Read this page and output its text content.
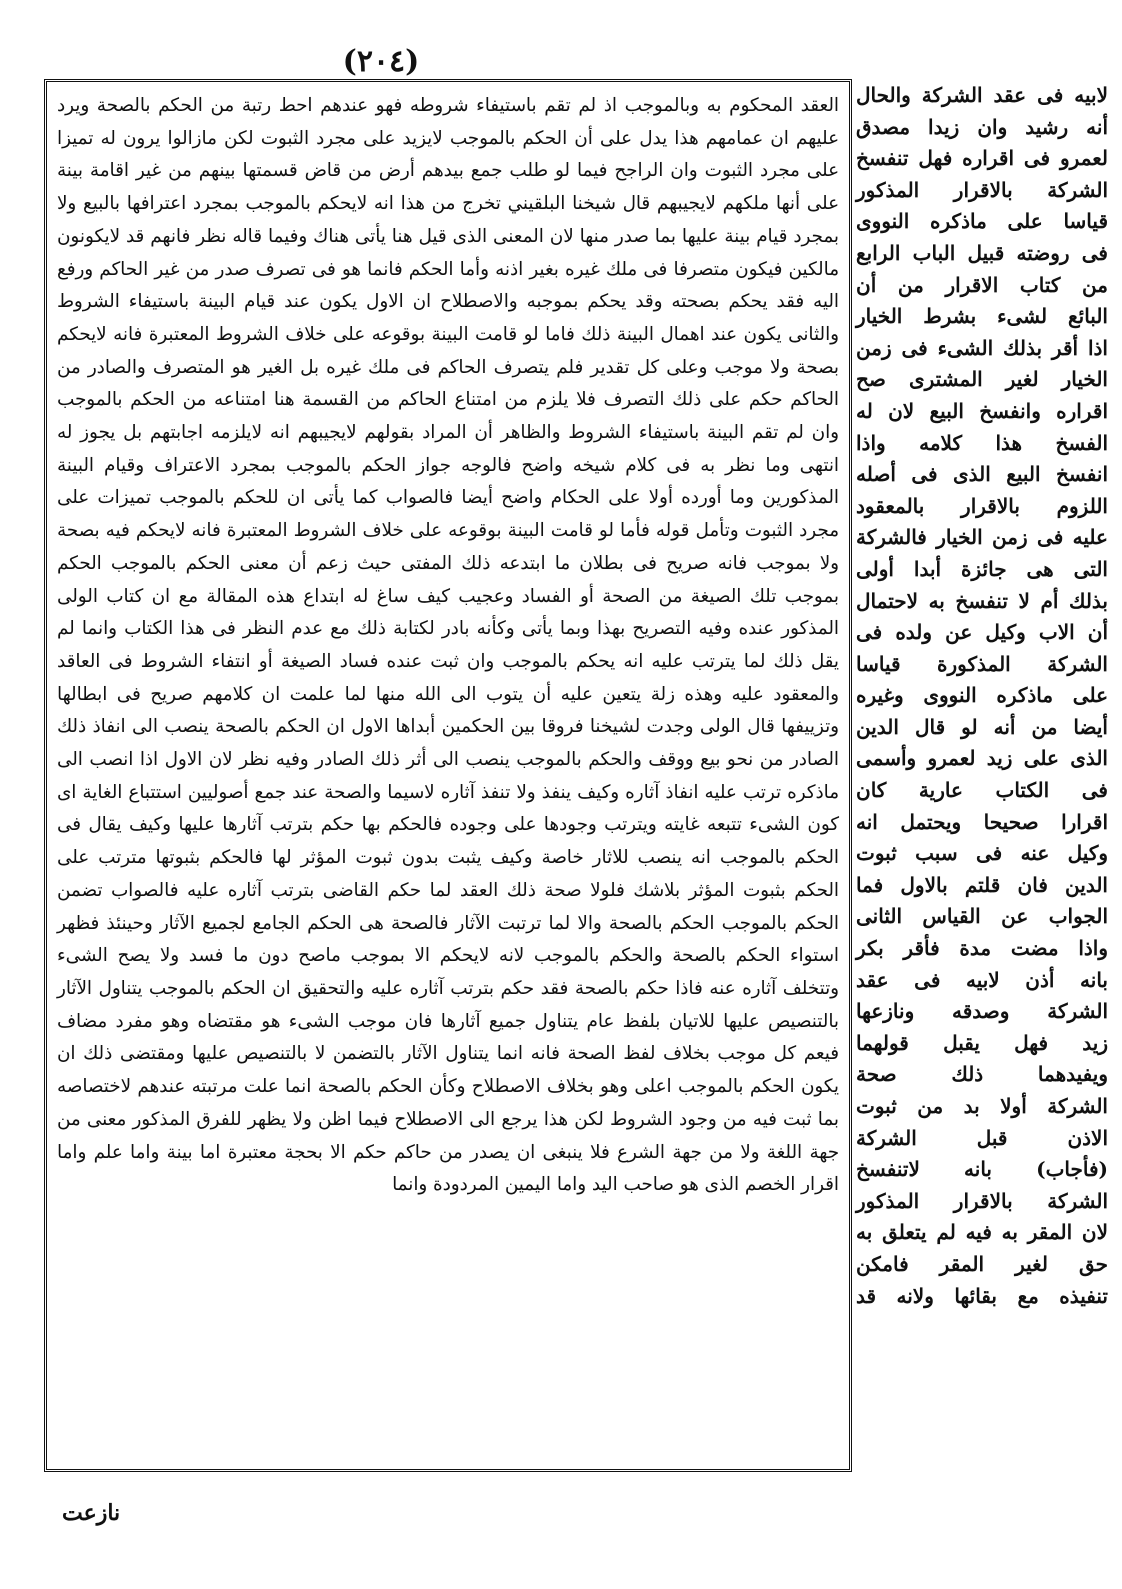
(٢٠٤)

العقد المحكوم به وبالموجب اذ لم تقم باستيفاء شروطه فهو عندهم احط رتبة من الحكم بالصحة ويرد عليهم ان عمامهم هذا يدل على أن الحكم بالموجب لايزيد على مجرد الثبوت لكن مازالوا يرون له تميزا على مجرد الثبوت وان الراجح فيما لو طلب جمع بيدهم أرض من قاض قسمتها بينهم من غير اقامة بينة على أنها ملكهم لايجيبهم قال شيخنا البلقيني تخرج من هذا انه لايحكم بالموجب بمجرد اعترافها بالبيع ولا بمجرد قيام بينة عليها بما صدر منها لان المعنى الذى قيل هنا يأتى هناك وفيما قاله نظر فانهم قد لايكونون مالكين فيكون متصرفا فى ملك غيره بغير اذنه وأما الحكم فانما هو فى تصرف صدر من غير الحاكم ورفع اليه فقد يحكم بصحته وقد يحكم بموجبه والاصطلاح ان الاول يكون عند قيام البينة باستيفاء الشروط والثانى يكون عند اهمال البينة ذلك فاما لو قامت البينة بوقوعه على خلاف الشروط المعتبرة فانه لايحكم بصحة ولا موجب وعلى كل تقدير فلم يتصرف الحاكم فى ملك غيره بل الغير هو المتصرف والصادر من الحاكم حكم على ذلك التصرف فلا يلزم من امتناع الحاكم من القسمة هنا امتناعه من الحكم بالموجب وان لم تقم البينة باستيفاء الشروط والظاهر أن المراد بقولهم لايجيبهم انه لايلزمه اجابتهم بل يجوز له انتهى وما نظر به فى كلام شيخه واضح فالوجه جواز الحكم بالموجب بمجرد الاعتراف وقيام البينة المذكورين وما أورده أولا على الحكام واضح أيضا فالصواب كما يأتى ان للحكم بالموجب تميزات على مجرد الثبوت وتأمل قوله فأما لو قامت البينة بوقوعه على خلاف الشروط المعتبرة فانه لايحكم فيه بصحة ولا بموجب فانه صريح فى بطلان ما ابتدعه ذلك المفتى حيث زعم أن معنى الحكم بالموجب الحكم بموجب تلك الصيغة من الصحة أو الفساد وعجيب كيف ساغ له ابتداع هذه المقالة مع ان كتاب الولى المذكور عنده وفيه التصريح بهذا وبما يأتى وكأنه بادر لكتابة ذلك مع عدم النظر فى هذا الكتاب وانما لم يقل ذلك لما يترتب عليه انه يحكم بالموجب وان ثبت عنده فساد الصيغة أو انتفاء الشروط فى العاقد والمعقود عليه وهذه زلة يتعين عليه أن يتوب الى الله منها لما علمت ان كلامهم صريح فى ابطالها وتزييفها قال الولى وجدت لشيخنا فروقا بين الحكمين أبداها الاول ان الحكم بالصحة ينصب الى انفاذ ذلك الصادر من نحو بيع ووقف والحكم بالموجب ينصب الى أثر ذلك الصادر وفيه نظر لان الاول اذا انصب الى ماذكره ترتب عليه انفاذ آثاره وكيف ينفذ ولا تنفذ آثاره لاسيما والصحة عند جمع أصوليين استتباع الغاية اى كون الشىء تتبعه غايته ويترتب وجودها على وجوده فالحكم بها حكم بترتب آثارها عليها وكيف يقال فى الحكم بالموجب انه ينصب للاثار خاصة وكيف يثبت بدون ثبوت المؤثر لها فالحكم بثبوتها مترتب على الحكم بثبوت المؤثر بلاشك فلولا صحة ذلك العقد لما حكم القاضى بترتب آثاره عليه فالصواب تضمن الحكم بالموجب الحكم بالصحة والا لما ترتبت الآثار فالصحة هى الحكم الجامع لجميع الآثار وحينئذ فظهر استواء الحكم بالصحة والحكم بالموجب لانه لايحكم الا بموجب ماصح دون ما فسد ولا يصح الشىء وتتخلف آثاره عنه فاذا حكم بالصحة فقد حكم بترتب آثاره عليه والتحقيق ان الحكم بالموجب يتناول الآثار بالتنصيص عليها للاتيان بلفظ عام يتناول جميع آثارها فان موجب الشىء هو مقتضاه وهو مفرد مضاف فيعم كل موجب بخلاف لفظ الصحة فانه انما يتناول الآثار بالتضمن لا بالتنصيص عليها ومقتضى ذلك ان يكون الحكم بالموجب اعلى وهو بخلاف الاصطلاح وكأن الحكم بالصحة انما علت مرتبته عندهم لاختصاصه بما ثبت فيه من وجود الشروط لكن هذا يرجع الى الاصطلاح فيما اظن ولا يظهر للفرق المذكور معنى من جهة اللغة ولا من جهة الشرع فلا ينبغى ان يصدر من حاكم حكم الا بحجة معتبرة اما بينة واما علم واما اقرار الخصم الذى هو صاحب اليد واما اليمين المردودة وانما

لابيه فى عقد الشركة والحال
أنه رشيد وان زيدا مصدق
لعمرو فى اقراره فهل تنفسخ
الشركة بالاقرار المذكور
قياسا على ماذكره النووى
فى روضته قبيل الباب الرابع
من كتاب الاقرار من أن
البائع لشىء بشرط الخيار
اذا أقر بذلك الشىء فى زمن
الخيار لغير المشترى صح
اقراره وانفسخ البيع لان له
الفسخ هذا كلامه واذا
انفسخ البيع الذى فى أصله
اللزوم بالاقرار بالمعقود
عليه فى زمن الخيار فالشركة
التى هى جائزة أبدا أولى
بذلك أم لا تنفسخ به لاحتمال
أن الاب وكيل عن ولده فى
الشركة المذكورة قياسا
على ماذكره النووى وغيره
أيضا من أنه لو قال الدين
الذى على زيد لعمرو وأسمى
فى الكتاب عارية كان
اقرارا صحيحا ويحتمل انه
وكيل عنه فى سبب ثبوت
الدين فان قلتم بالاول فما
الجواب عن القياس الثانى
واذا مضت مدة فأقر بكر
بانه أذن لابيه فى عقد
الشركة وصدقه ونازعها
زيد فهل يقبل قولهما
ويفيدهما ذلك صحة
الشركة أولا بد من ثبوت
الاذن قبل الشركة
(فأجاب) بانه لاتنفسخ
الشركة بالاقرار المذكور
لان المقر به فيه لم يتعلق به
حق لغير المقر فامكن
تنفيذه مع بقائها ولانه قد
نازعت
